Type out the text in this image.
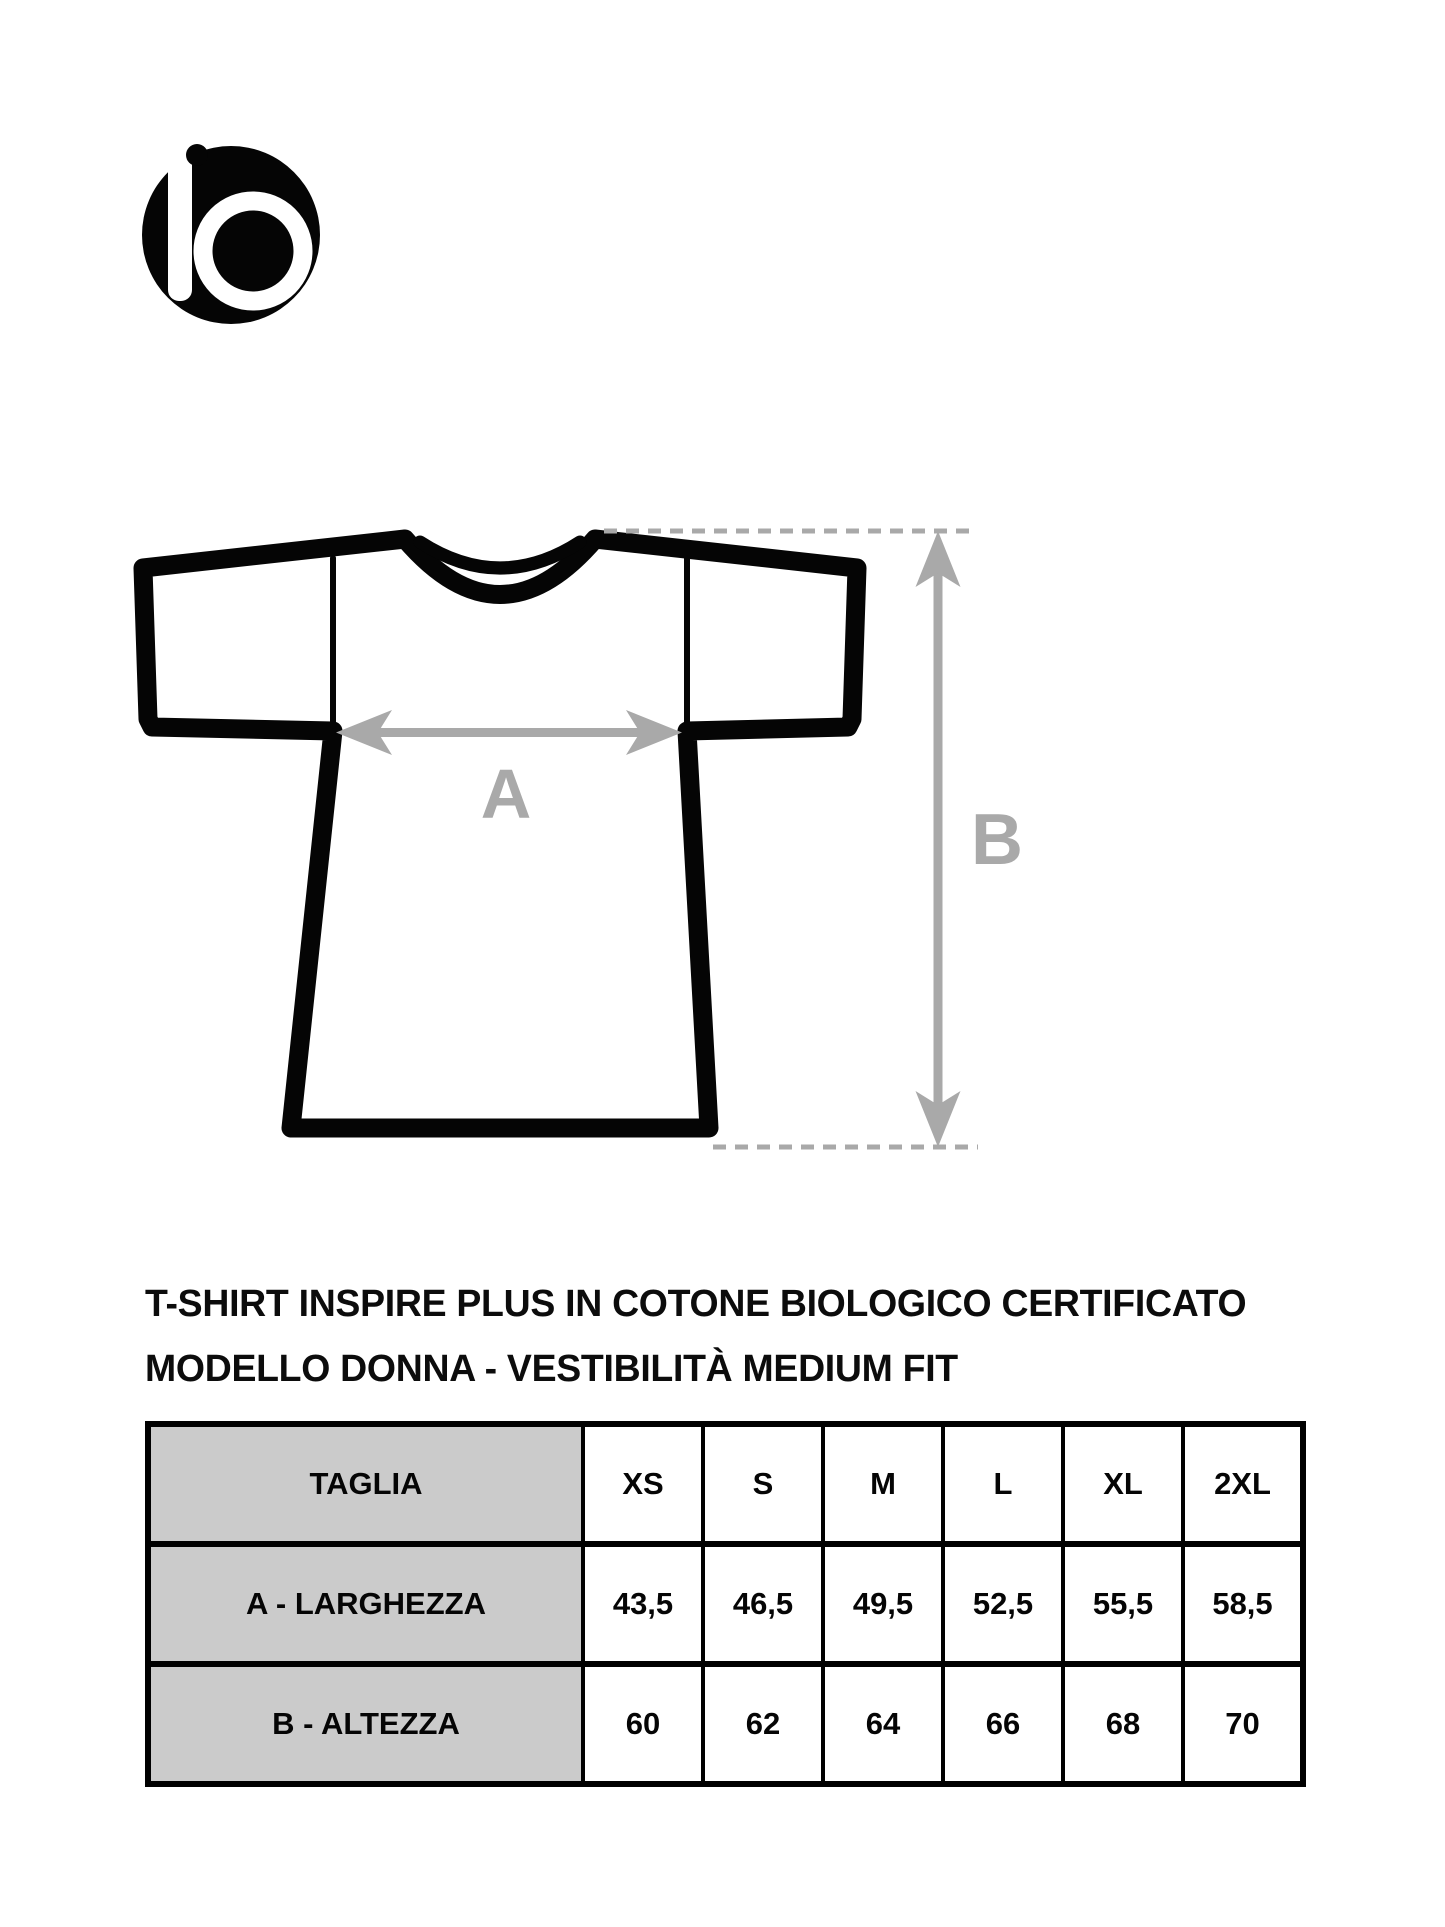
A
B
T-SHIRT INSPIRE PLUS IN COTONE BIOLOGICO CERTIFICATO
MODELLO DONNA - VESTIBILITÀ MEDIUM FIT
TAGLIA	XS	S	M	L	XL	2XL
A - LARGHEZZA	43,5	46,5	49,5	52,5	55,5	58,5
B - ALTEZZA	60	62	64	66	68	70
